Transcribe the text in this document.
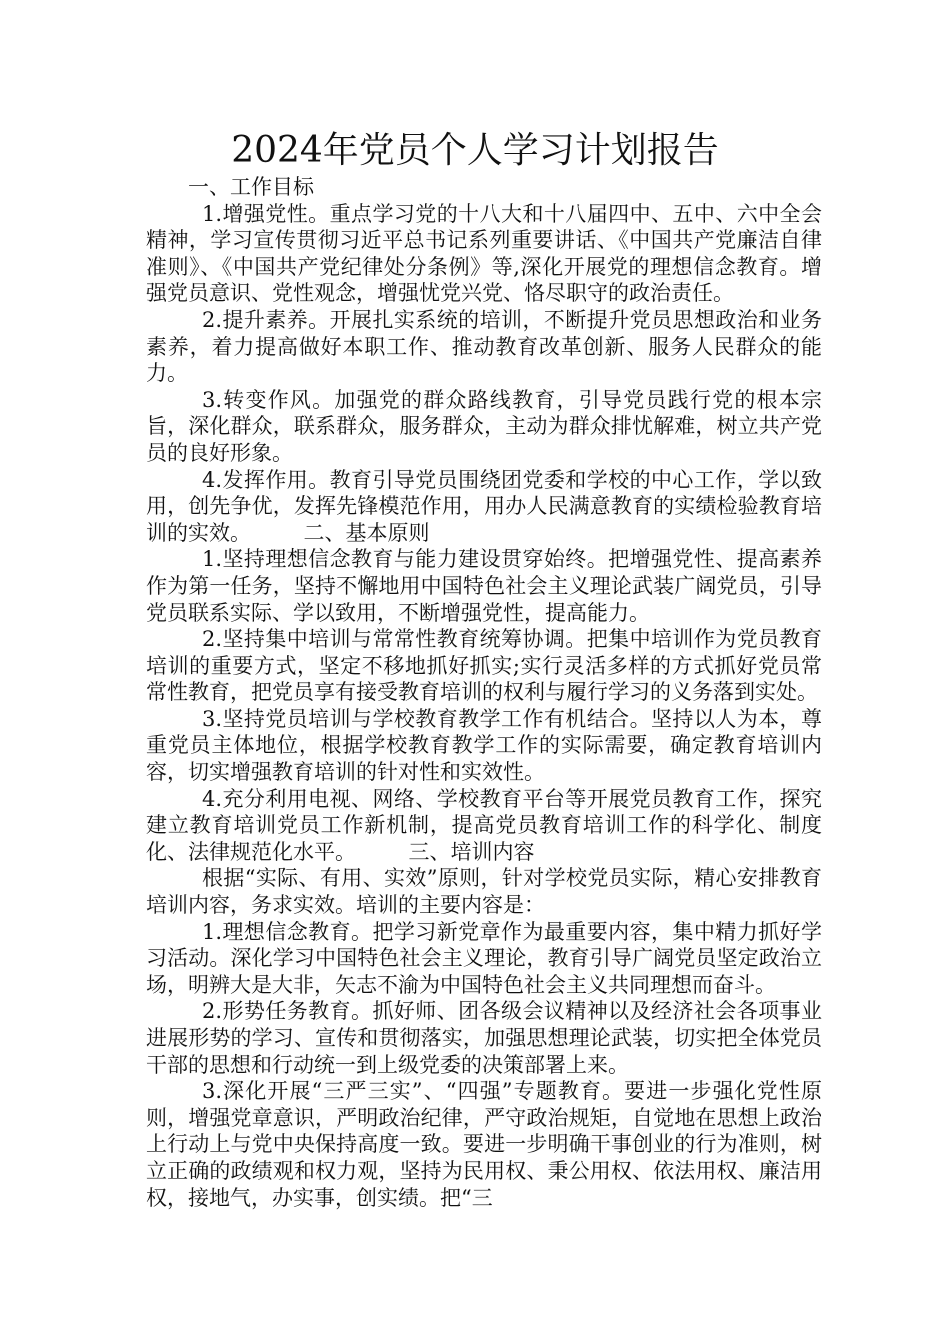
2024年党员个人学习计划报告

一、工作目标

1.增强党性。重点学习党的十八大和十八届四中、五中、六中全会精神，学习宣传贯彻习近平总书记系列重要讲话、《中国共产党廉洁自律准则》、《中国共产党纪律处分条例》等,深化开展党的理想信念教育。增强党员意识、党性观念，增强忧党兴党、恪尽职守的政治责任。

2.提升素养。开展扎实系统的培训，不断提升党员思想政治和业务素养，着力提高做好本职工作、推动教育改革创新、服务人民群众的能力。

3.转变作风。加强党的群众路线教育，引导党员践行党的根本宗旨，深化群众，联系群众，服务群众，主动为群众排忧解难，树立共产党员的良好形象。

4.发挥作用。教育引导党员围绕团党委和学校的中心工作，学以致用，创先争优，发挥先锋模范作用，用办人民满意教育的实绩检验教育培训的实效。　　　二、基本原则

1.坚持理想信念教育与能力建设贯穿始终。把增强党性、提高素养作为第一任务，坚持不懈地用中国特色社会主义理论武装广阔党员，引导党员联系实际、学以致用，不断增强党性，提高能力。

2.坚持集中培训与常常性教育统筹协调。把集中培训作为党员教育培训的重要方式，坚定不移地抓好抓实;实行灵活多样的方式抓好党员常常性教育，把党员享有接受教育培训的权利与履行学习的义务落到实处。

3.坚持党员培训与学校教育教学工作有机结合。坚持以人为本，尊重党员主体地位，根据学校教育教学工作的实际需要，确定教育培训内容，切实增强教育培训的针对性和实效性。

4.充分利用电视、网络、学校教育平台等开展党员教育工作，探究建立教育培训党员工作新机制，提高党员教育培训工作的科学化、制度化、法律规范化水平。　　　三、培训内容

根据“实际、有用、实效”原则，针对学校党员实际，精心安排教育培训内容，务求实效。培训的主要内容是：

1.理想信念教育。把学习新党章作为最重要内容，集中精力抓好学习活动。深化学习中国特色社会主义理论，教育引导广阔党员坚定政治立场，明辨大是大非，矢志不渝为中国特色社会主义共同理想而奋斗。

2.形势任务教育。抓好师、团各级会议精神以及经济社会各项事业进展形势的学习、宣传和贯彻落实，加强思想理论武装，切实把全体党员干部的思想和行动统一到上级党委的决策部署上来。

3.深化开展“三严三实”、“四强”专题教育。要进一步强化党性原则，增强党章意识，严明政治纪律，严守政治规矩，自觉地在思想上政治上行动上与党中央保持高度一致。要进一步明确干事创业的行为准则，树立正确的政绩观和权力观，坚持为民用权、秉公用权、依法用权、廉洁用权，接地气，办实事，创实绩。把“三
